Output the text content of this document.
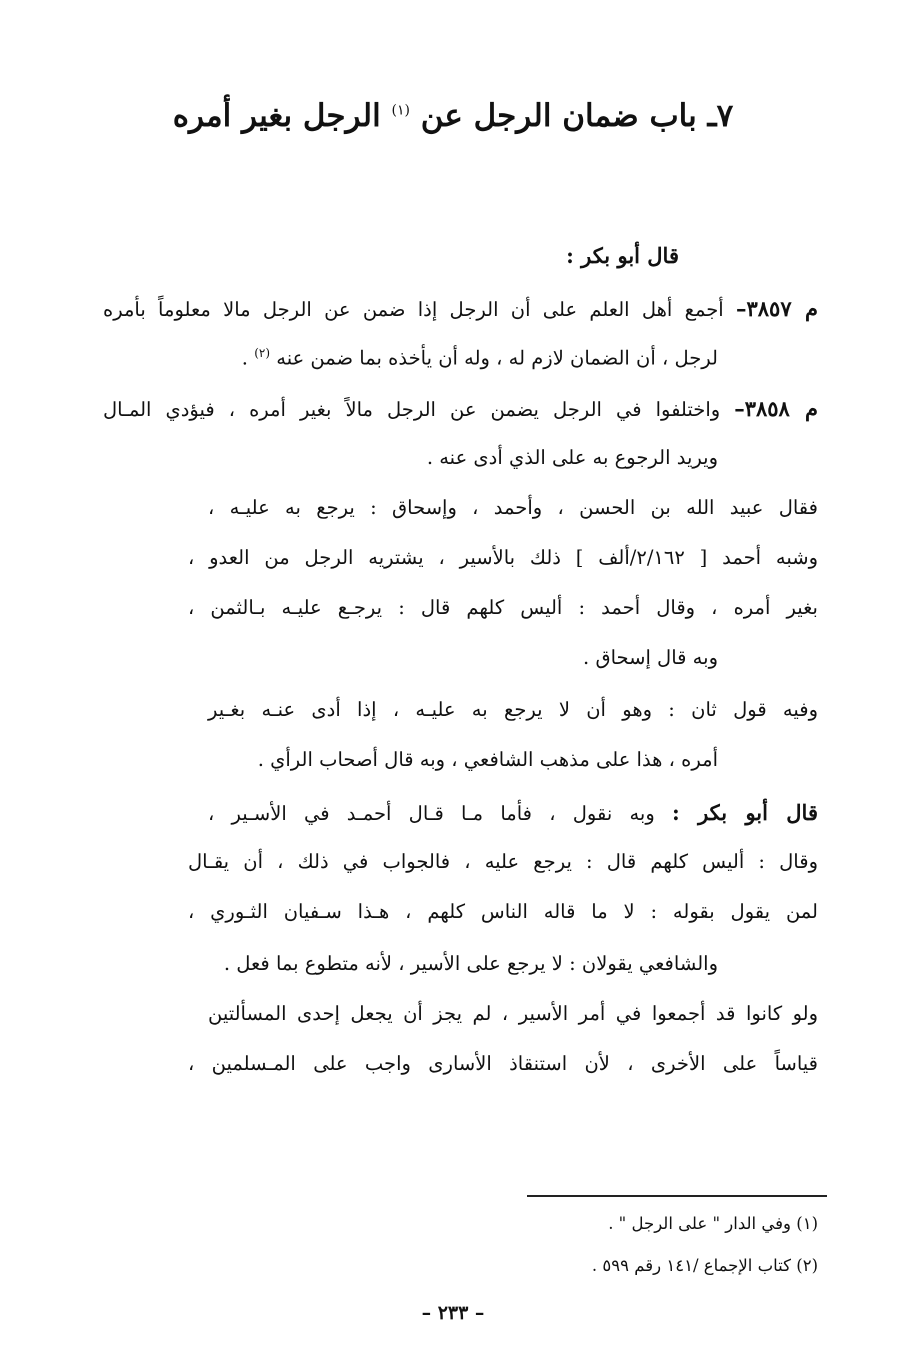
٧ـ باب ضمان الرجل عن $^{(١)}$ الرجل بغير أمره
قال أبو بكر :
م ٣٨٥٧– أجمع أهل العلم على أن الرجل إذا ضمن عن الرجل مالا معلوماً بأمره
لرجل ، أن الضمان لازم له ، وله أن يأخذه بما ضمن عنه $^{(٢)}$ .
م ٣٨٥٨– واختلفوا في الرجل يضمن عن الرجل مالاً بغير أمره ، فيؤدي المـال
ويريد الرجوع به على الذي أدى عنه .
فقال عبيد الله بن الحسن ، وأحمد ، وإسحاق : يرجع به عليـه ،
وشبه أحمد [ ٢/١٦٢/ألف ] ذلك بالأسير ، يشتريه الرجل من العدو ،
بغير أمره ، وقال أحمد : أليس كلهم قال : يرجـع عليـه بـالثمن ،
وبه قال إسحاق .
وفيه قول ثان : وهو أن لا يرجع به عليـه ، إذا أدى عنـه بغـير
أمره ، هذا على مذهب الشافعي ، وبه قال أصحاب الرأي .
قال أبو بكر : وبه نقول ، فأما مـا قـال أحمـد في الأسـير ،
وقال : أليس كلهم قال : يرجع عليه ، فالجواب في ذلك ، أن يقـال
لمن يقول بقوله : لا ما قاله الناس كلهم ، هـذا سـفيان الثـوري ،
والشافعي يقولان : لا يرجع على الأسير ، لأنه متطوع بما فعل .
ولو كانوا قد أجمعوا في أمر الأسير ، لم يجز أن يجعل إحدى المسألتين
قياساً على الأخرى ، لأن استنقاذ الأسارى واجب على المـسلمين ،
(١) وفي الدار " على الرجل " .
(٢) كتاب الإجماع /١٤١ رقم ٥٩٩ .
– ٢٣٣ –
